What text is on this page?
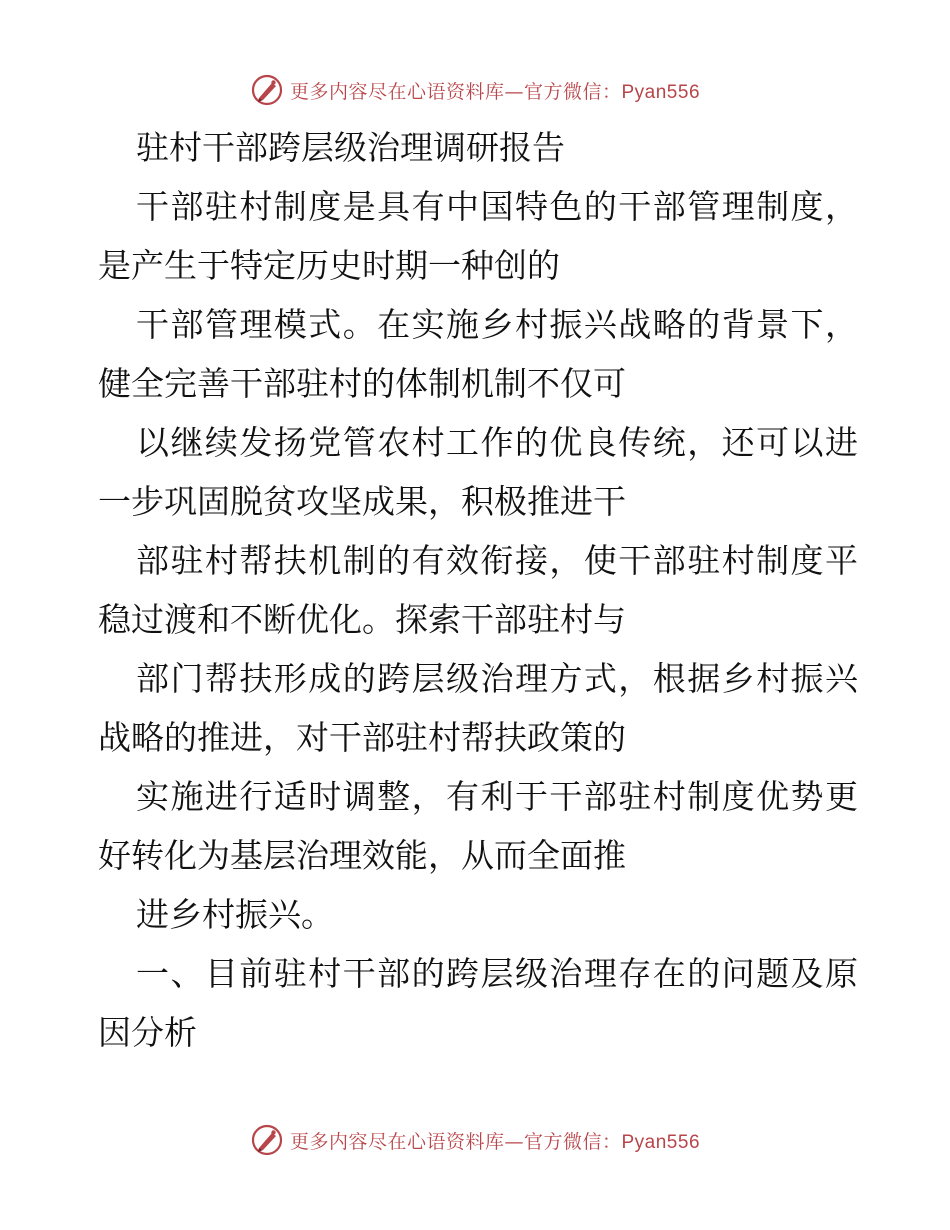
更多内容尽在心语资料库—官方微信：Pyan556
驻村干部跨层级治理调研报告
干部驻村制度是具有中国特色的干部管理制度，
是产生于特定历史时期一种创的
干部管理模式。在实施乡村振兴战略的背景下，
健全完善干部驻村的体制机制不仅可
以继续发扬党管农村工作的优良传统，还可以进
一步巩固脱贫攻坚成果，积极推进干
部驻村帮扶机制的有效衔接，使干部驻村制度平
稳过渡和不断优化。探索干部驻村与
部门帮扶形成的跨层级治理方式，根据乡村振兴
战略的推进，对干部驻村帮扶政策的
实施进行适时调整，有利于干部驻村制度优势更
好转化为基层治理效能，从而全面推
进乡村振兴。
一、目前驻村干部的跨层级治理存在的问题及原
因分析
更多内容尽在心语资料库—官方微信：Pyan556
